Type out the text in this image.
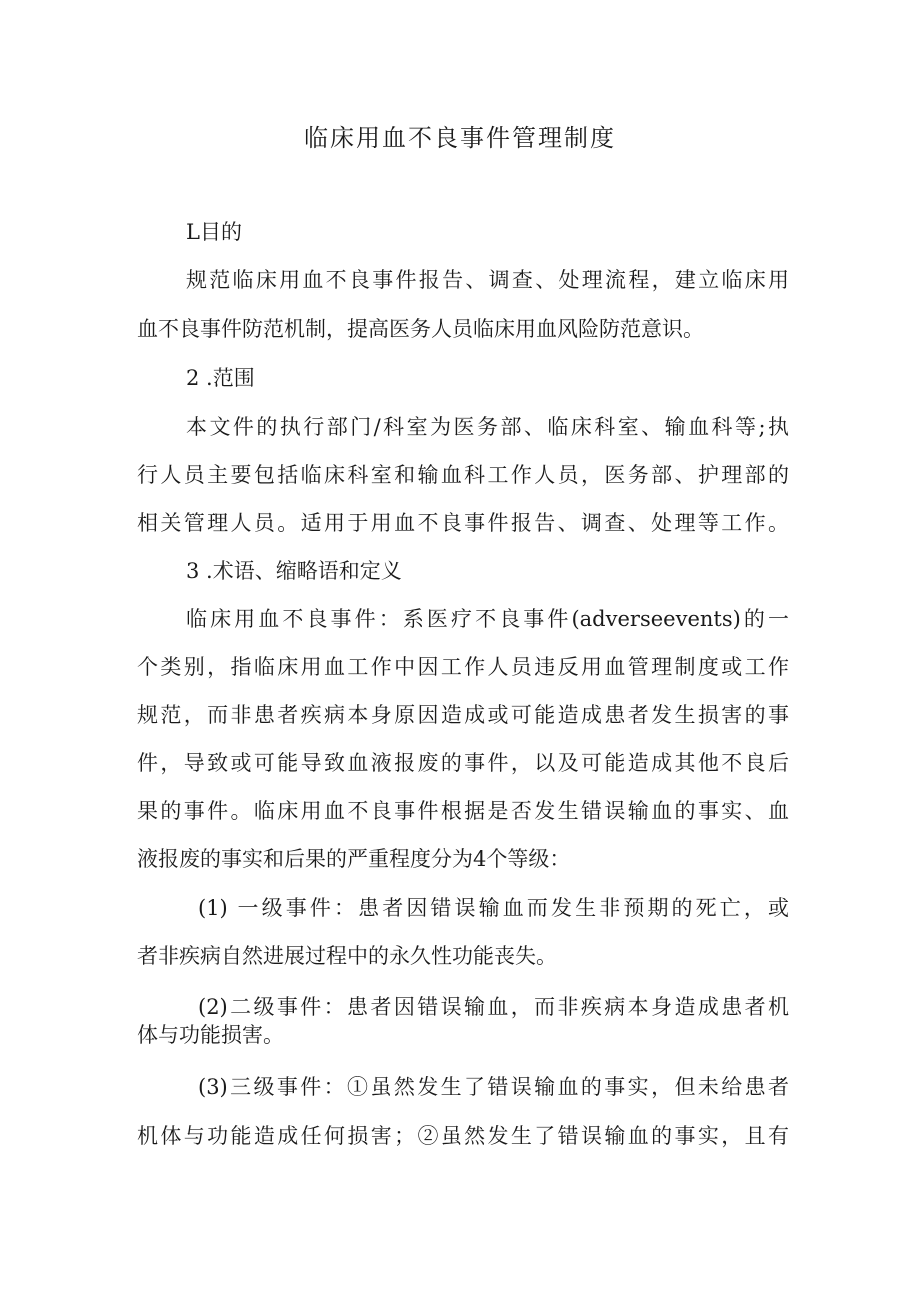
临床用血不良事件管理制度
L目的
规范临床用血不良事件报告、调查、处理流程，建立临床用
血不良事件防范机制，提高医务人员临床用血风险防范意识。
2 .范围
本文件的执行部门/科室为医务部、临床科室、输血科等;执
行人员主要包括临床科室和输血科工作人员，医务部、护理部的
相关管理人员。适用于用血不良事件报告、调查、处理等工作。
3 .术语、缩略语和定义
临床用血不良事件：系医疗不良事件(adverseevents)的一
个类别，指临床用血工作中因工作人员违反用血管理制度或工作
规范，而非患者疾病本身原因造成或可能造成患者发生损害的事
件，导致或可能导致血液报废的事件，以及可能造成其他不良后
果的事件。临床用血不良事件根据是否发生错误输血的事实、血
液报废的事实和后果的严重程度分为4个等级：
(1) 一级事件：患者因错误输血而发生非预期的死亡，或
者非疾病自然进展过程中的永久性功能丧失。
(2)二级事件：患者因错误输血，而非疾病本身造成患者机
体与功能损害。
(3)三级事件：①虽然发生了错误输血的事实，但未给患者
机体与功能造成任何损害；②虽然发生了错误输血的事实，且有
